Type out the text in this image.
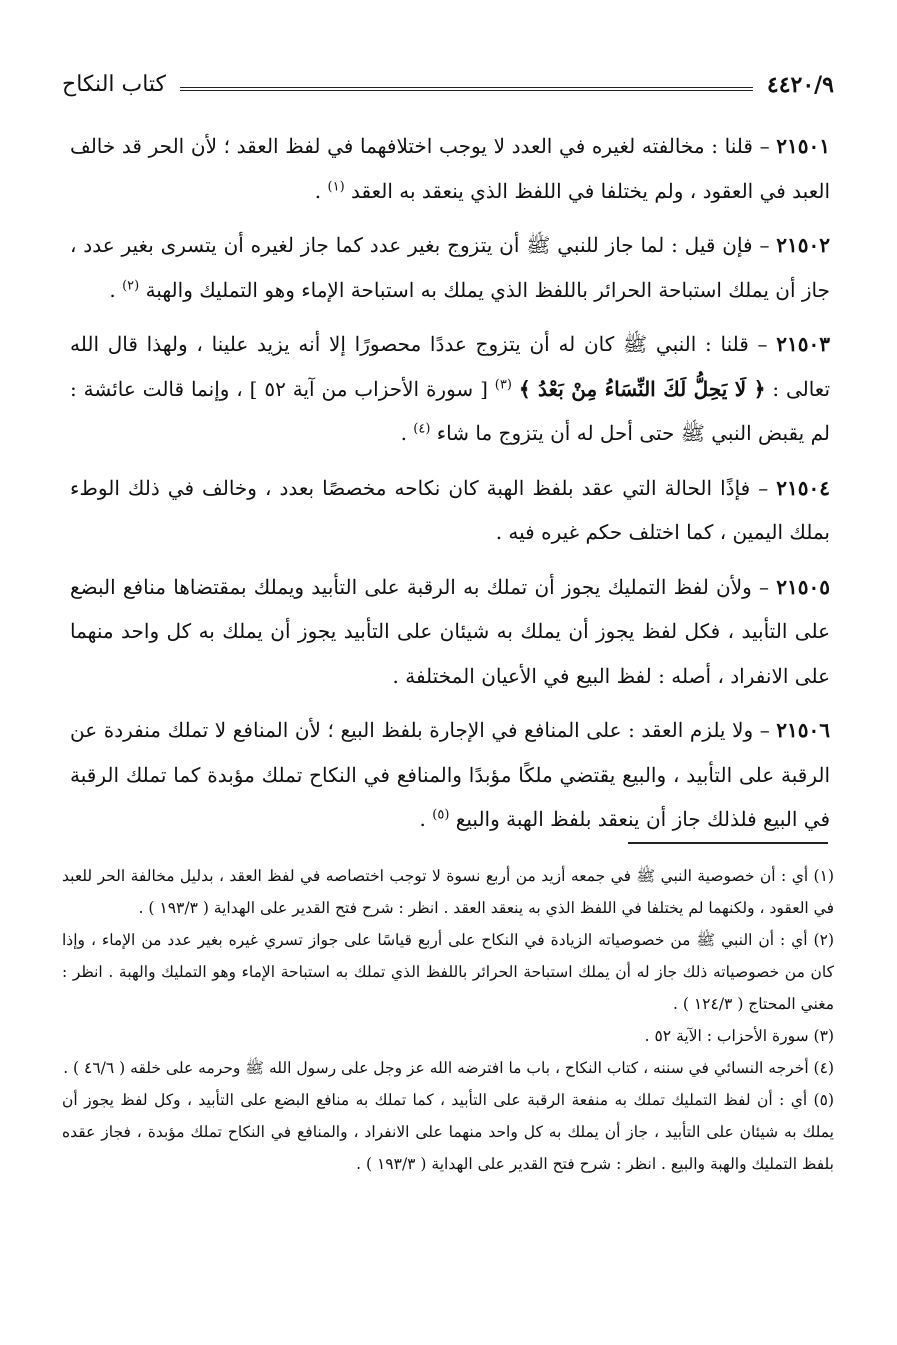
كتاب النكاح	٤٤٢٠/٩

٢١٥٠١ – قلنا : مخالفته لغيره في العدد لا يوجب اختلافهما في لفظ العقد ؛ لأن الحر قد خالف العبد في العقود ، ولم يختلفا في اللفظ الذي ينعقد به العقد $^{(١)}$ .

٢١٥٠٢ – فإن قيل : لما جاز للنبي ﷺ أن يتزوج بغير عدد كما جاز لغيره أن يتسرى بغير عدد ، جاز أن يملك استباحة الحرائر باللفظ الذي يملك به استباحة الإماء وهو التمليك والهبة $^{(٢)}$ .

٢١٥٠٣ – قلنا : النبي ﷺ كان له أن يتزوج عددًا محصورًا إلا أنه يزيد علينا ، ولهذا قال الله تعالى : ﴿ لَا يَحِلُّ لَكَ النِّسَاءُ مِنْ بَعْدُ ﴾ $^{(٣)}$ [ سورة الأحزاب من آية ٥٢ ] ، وإنما قالت عائشة : لم يقبض النبي ﷺ حتى أحل له أن يتزوج ما شاء $^{(٤)}$ .

٢١٥٠٤ – فإذًا الحالة التي عقد بلفظ الهبة كان نكاحه مخصصًا بعدد ، وخالف في ذلك الوطء بملك اليمين ، كما اختلف حكم غيره فيه .

٢١٥٠٥ – ولأن لفظ التمليك يجوز أن تملك به الرقبة على التأبيد ويملك بمقتضاها منافع البضع على التأبيد ، فكل لفظ يجوز أن يملك به شيئان على التأبيد يجوز أن يملك به كل واحد منهما على الانفراد ، أصله : لفظ البيع في الأعيان المختلفة .

٢١٥٠٦ – ولا يلزم العقد : على المنافع في الإجارة بلفظ البيع ؛ لأن المنافع لا تملك منفردة عن الرقبة على التأبيد ، والبيع يقتضي ملكًا مؤبدًا والمنافع في النكاح تملك مؤبدة كما تملك الرقبة في البيع فلذلك جاز أن ينعقد بلفظ الهبة والبيع $^{(٥)}$ .

(١) أي : أن خصوصية النبي ﷺ في جمعه أزيد من أربع نسوة لا توجب اختصاصه في لفظ العقد ، بدليل مخالفة الحر للعبد في العقود ، ولكنهما لم يختلفا في اللفظ الذي به ينعقد العقد . انظر : شرح فتح القدير على الهداية ( ١٩٣/٣ ) .

(٢) أي : أن النبي ﷺ من خصوصياته الزيادة في النكاح على أربع قياسًا على جواز تسري غيره بغير عدد من الإماء ، وإذا كان من خصوصياته ذلك جاز له أن يملك استباحة الحرائر باللفظ الذي تملك به استباحة الإماء وهو التمليك والهبة . انظر : مغني المحتاج ( ١٢٤/٣ ) .

(٣) سورة الأحزاب : الآية ٥٢ .

(٤) أخرجه النسائي في سننه ، كتاب النكاح ، باب ما افترضه الله عز وجل على رسول الله ﷺ وحرمه على خلقه ( ٤٦/٦ ) .

(٥) أي : أن لفظ التمليك تملك به منفعة الرقبة على التأبيد ، كما تملك به منافع البضع على التأبيد ، وكل لفظ يجوز أن يملك به شيئان على التأبيد ، جاز أن يملك به كل واحد منهما على الانفراد ، والمنافع في النكاح تملك مؤبدة ، فجاز عقده بلفظ التمليك والهبة والبيع . انظر : شرح فتح القدير على الهداية ( ١٩٣/٣ ) .
